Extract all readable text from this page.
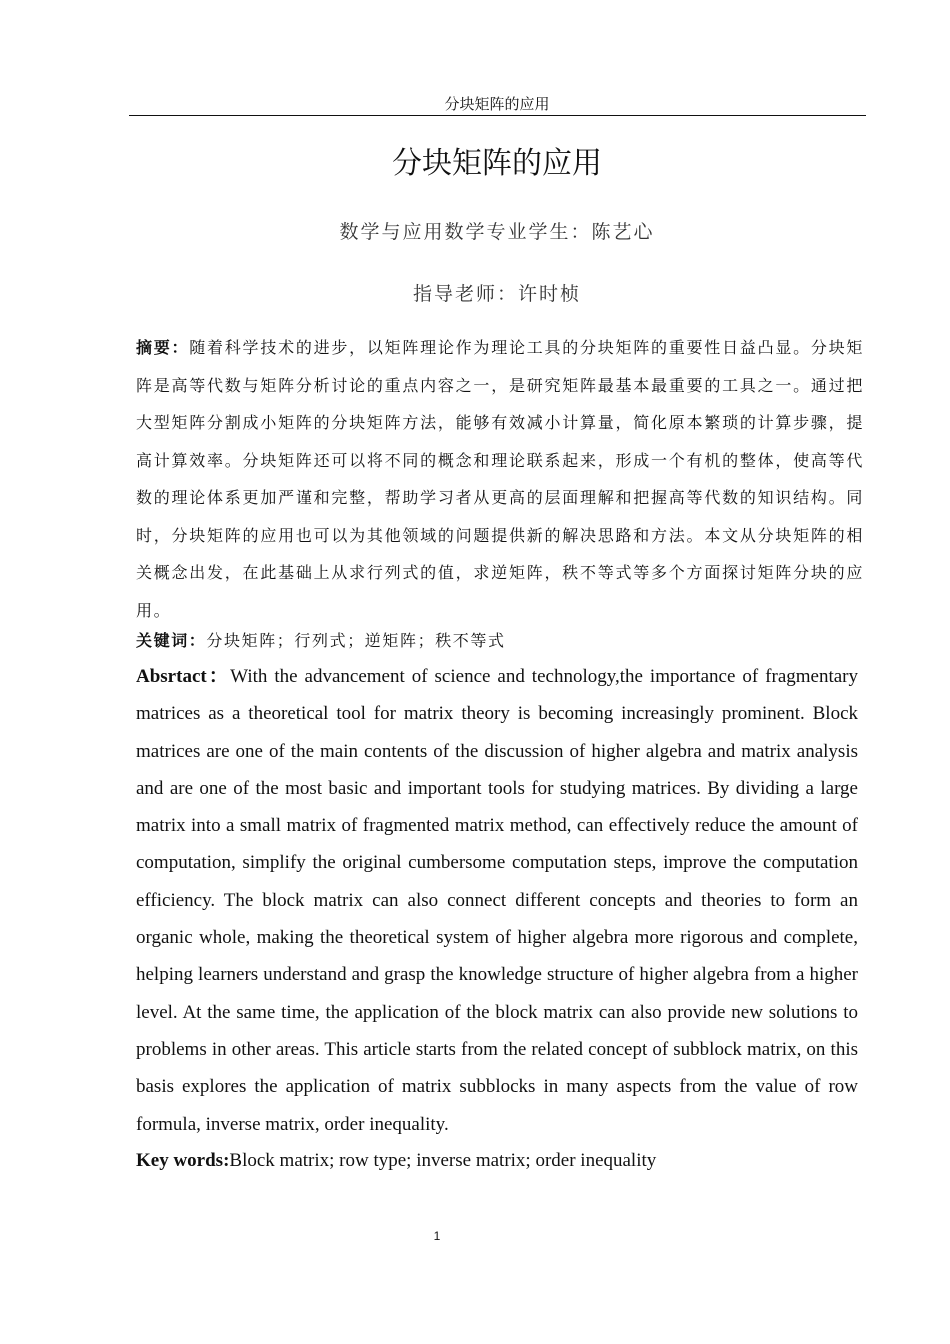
分块矩阵的应用
分块矩阵的应用
数学与应用数学专业学生：陈艺心
指导老师：许时桢

摘要：随着科学技术的进步，以矩阵理论作为理论工具的分块矩阵的重要性日益凸显。分块矩阵是高等代数与矩阵分析讨论的重点内容之一，是研究矩阵最基本最重要的工具之一。通过把大型矩阵分割成小矩阵的分块矩阵方法，能够有效减小计算量，简化原本繁琐的计算步骤，提高计算效率。分块矩阵还可以将不同的概念和理论联系起来，形成一个有机的整体，使高等代数的理论体系更加严谨和完整，帮助学习者从更高的层面理解和把握高等代数的知识结构。同时，分块矩阵的应用也可以为其他领域的问题提供新的解决思路和方法。本文从分块矩阵的相关概念出发，在此基础上从求行列式的值，求逆矩阵，秩不等式等多个方面探讨矩阵分块的应用。

关键词：分块矩阵；行列式；逆矩阵；秩不等式

Absrtact：With the advancement of science and technology,the importance of fragmentary matrices as a theoretical tool for matrix theory is becoming increasingly prominent. Block matrices are one of the main contents of the discussion of higher algebra and matrix analysis and are one of the most basic and important tools for studying matrices. By dividing a large matrix into a small matrix of fragmented matrix method, can effectively reduce the amount of computation, simplify the original cumbersome computation steps, improve the computation efficiency. The block matrix can also connect different concepts and theories to form an organic whole, making the theoretical system of higher algebra more rigorous and complete, helping learners understand and grasp the knowledge structure of higher algebra from a higher level. At the same time, the application of the block matrix can also provide new solutions to problems in other areas. This article starts from the related concept of subblock matrix, on this basis explores the application of matrix subblocks in many aspects from the value of row formula, inverse matrix, order inequality.

Key words:Block matrix; row type; inverse matrix; order inequality

1
